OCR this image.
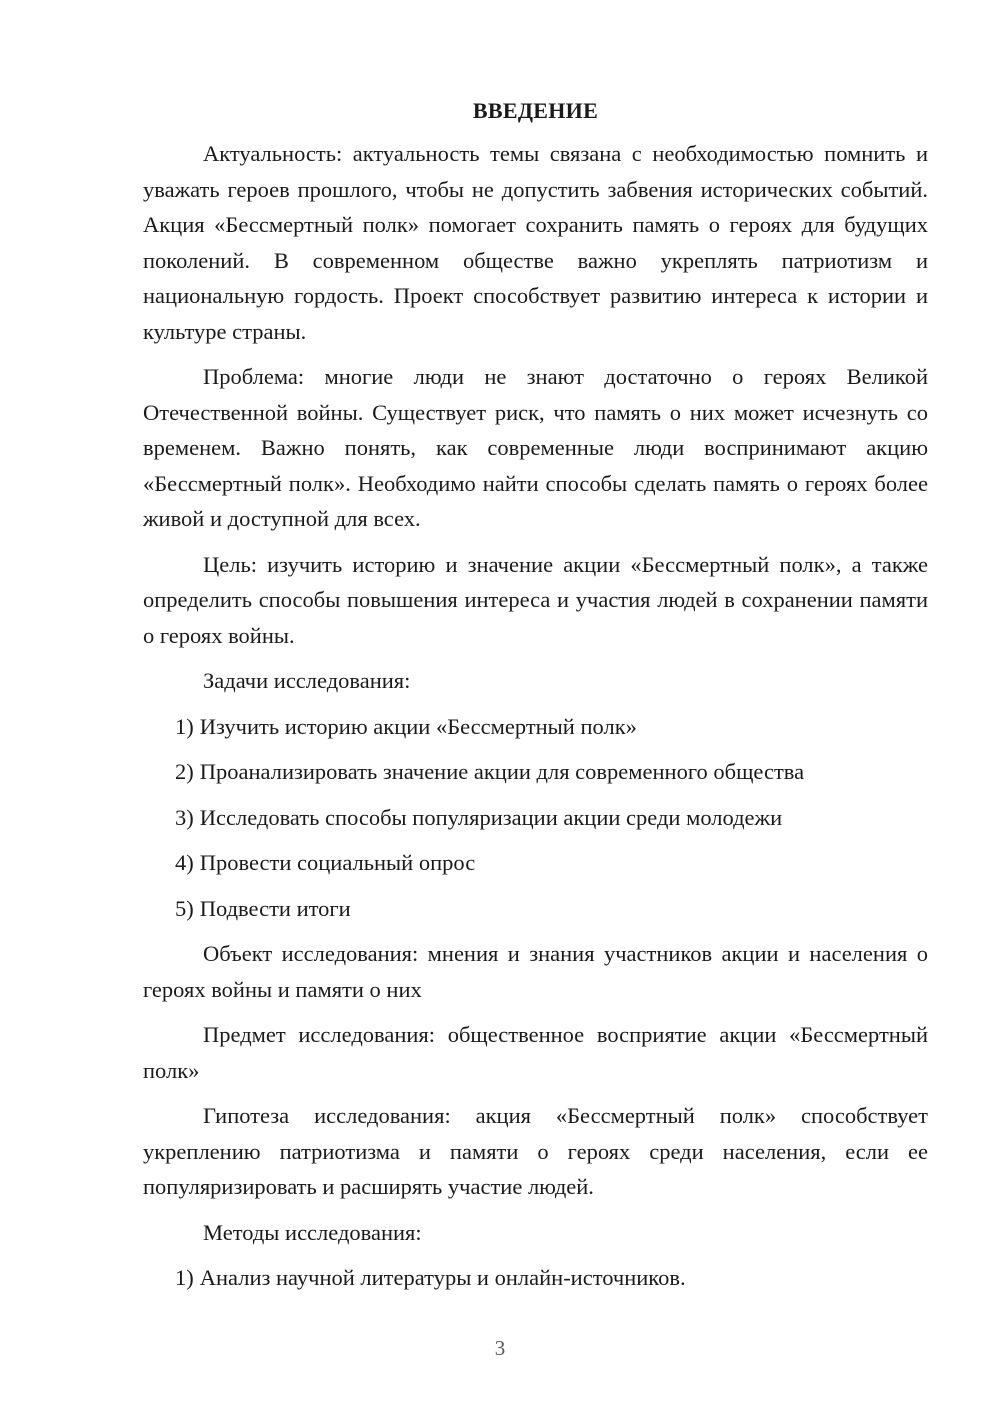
ВВЕДЕНИЕ

Актуальность: актуальность темы связана с необходимостью помнить и уважать героев прошлого, чтобы не допустить забвения исторических событий. Акция «Бессмертный полк» помогает сохранить память о героях для будущих поколений. В современном обществе важно укреплять патриотизм и национальную гордость. Проект способствует развитию интереса к истории и культуре страны.

Проблема: многие люди не знают достаточно о героях Великой Отечественной войны. Существует риск, что память о них может исчезнуть со временем. Важно понять, как современные люди воспринимают акцию «Бессмертный полк». Необходимо найти способы сделать память о героях более живой и доступной для всех.

Цель: изучить историю и значение акции «Бессмертный полк», а также определить способы повышения интереса и участия людей в сохранении памяти о героях войны.

Задачи исследования:

1) Изучить историю акции «Бессмертный полк»
2) Проанализировать значение акции для современного общества
3) Исследовать способы популяризации акции среди молодежи
4) Провести социальный опрос
5) Подвести итоги

Объект исследования: мнения и знания участников акции и населения о героях войны и памяти о них

Предмет исследования: общественное восприятие акции «Бессмертный полк»

Гипотеза исследования: акция «Бессмертный полк» способствует укреплению патриотизма и памяти о героях среди населения, если ее популяризировать и расширять участие людей.

Методы исследования:

1) Анализ научной литературы и онлайн-источников.
3
